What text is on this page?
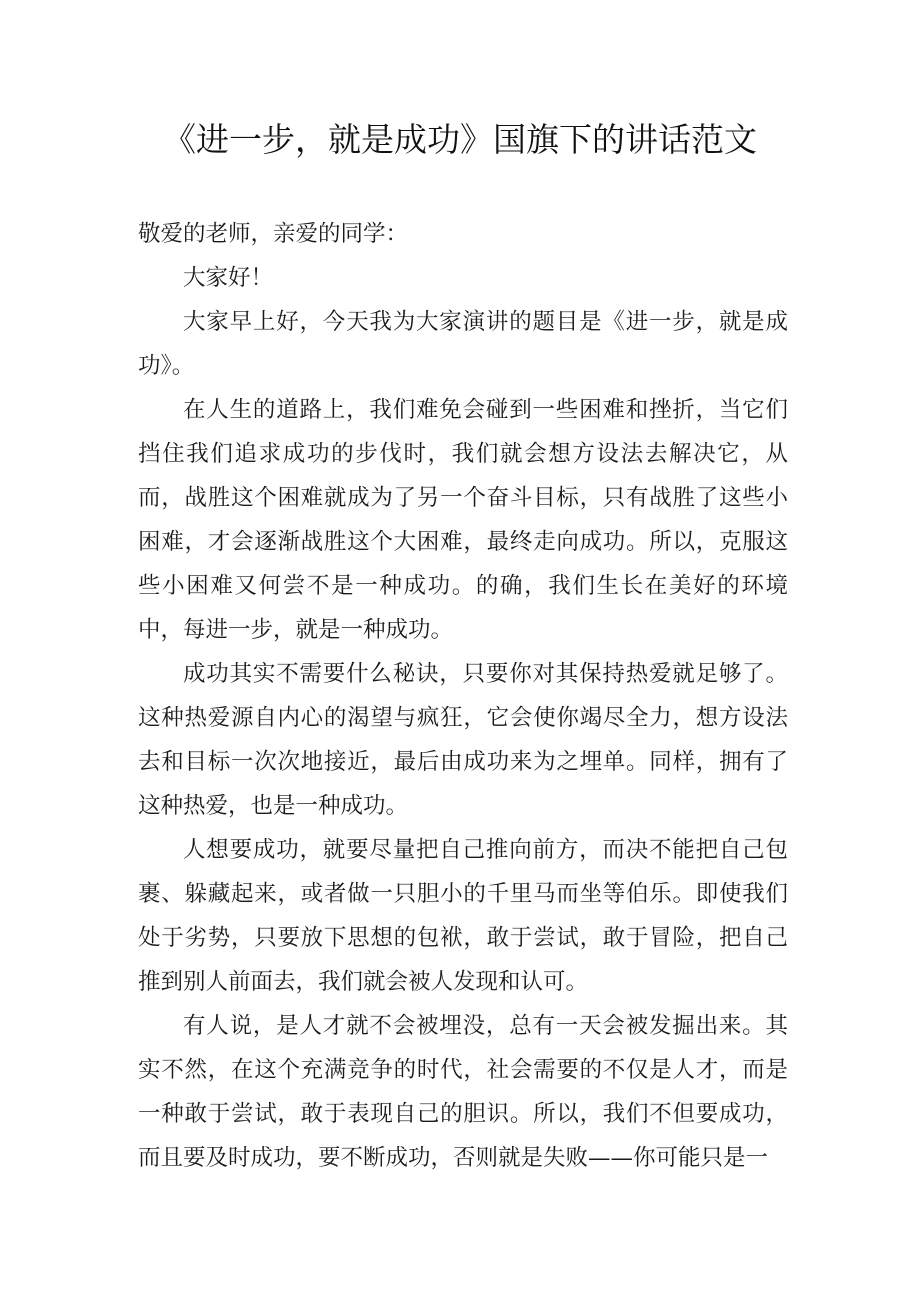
《进一步，就是成功》国旗下的讲话范文

敬爱的老师，亲爱的同学：

大家好！

大家早上好，今天我为大家演讲的题目是《进一步，就是成功》。

在人生的道路上，我们难免会碰到一些困难和挫折，当它们挡住我们追求成功的步伐时，我们就会想方设法去解决它，从而，战胜这个困难就成为了另一个奋斗目标，只有战胜了这些小困难，才会逐渐战胜这个大困难，最终走向成功。所以，克服这些小困难又何尝不是一种成功。的确，我们生长在美好的环境中，每进一步，就是一种成功。

成功其实不需要什么秘诀，只要你对其保持热爱就足够了。这种热爱源自内心的渴望与疯狂，它会使你竭尽全力，想方设法去和目标一次次地接近，最后由成功来为之埋单。同样，拥有了这种热爱，也是一种成功。

人想要成功，就要尽量把自己推向前方，而决不能把自己包裹、躲藏起来，或者做一只胆小的千里马而坐等伯乐。即使我们处于劣势，只要放下思想的包袱，敢于尝试，敢于冒险，把自己推到别人前面去，我们就会被人发现和认可。

有人说，是人才就不会被埋没，总有一天会被发掘出来。其实不然，在这个充满竞争的时代，社会需要的不仅是人才，而是一种敢于尝试，敢于表现自己的胆识。所以，我们不但要成功，而且要及时成功，要不断成功，否则就是失败——你可能只是一
